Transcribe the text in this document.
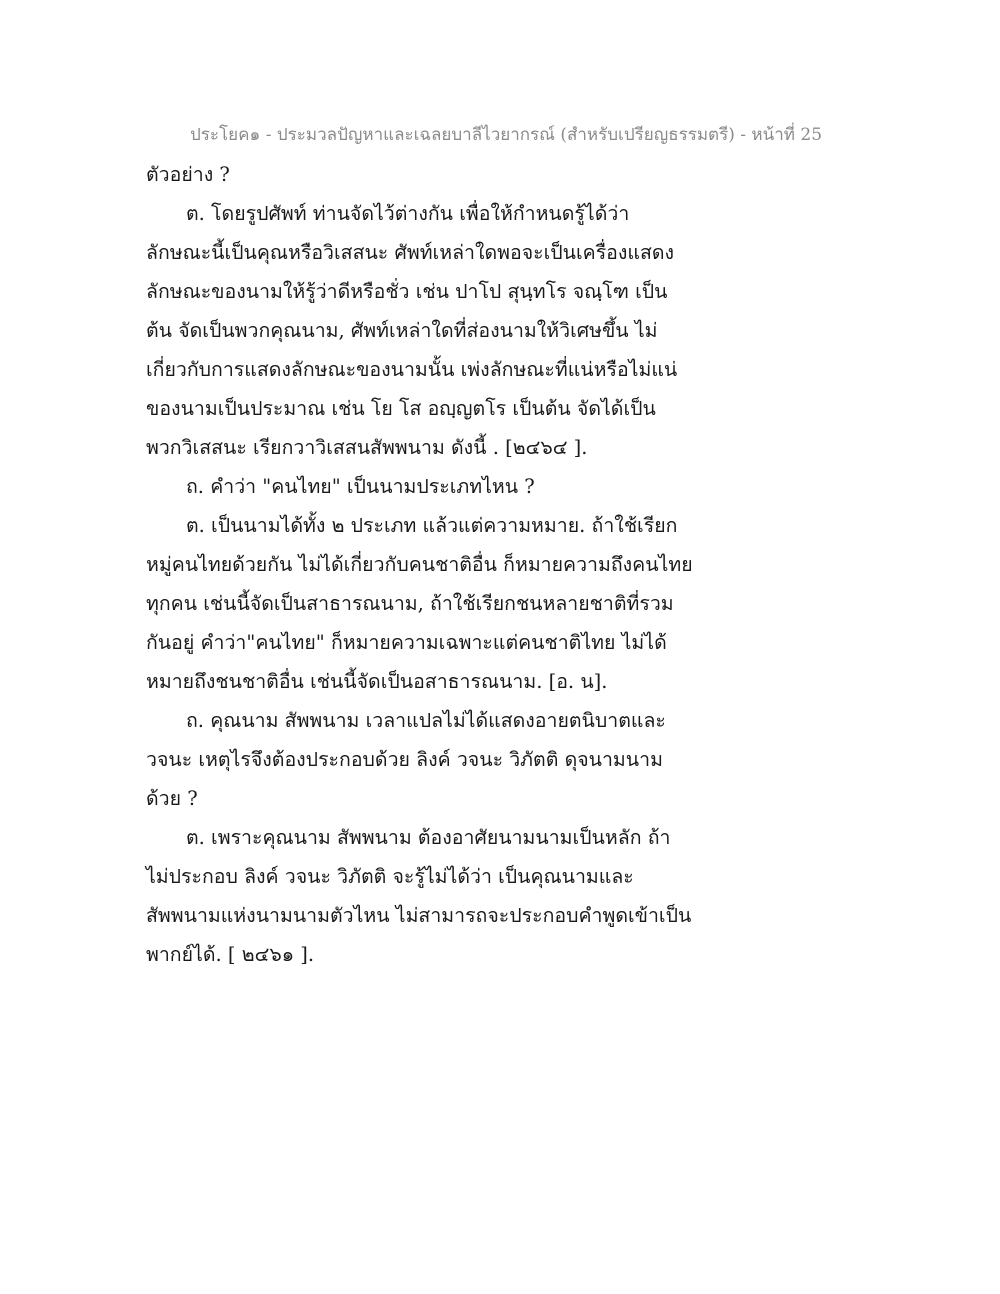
ประโยค๑ - ประมวลปัญหาและเฉลยบาลีไวยากรณ์ (สำหรับเปรียญธรรมตรี) - หน้าที่ 25
ตัวอย่าง ?
ต. โดยรูปศัพท์ ท่านจัดไว้ต่างกัน เพื่อให้กำหนดรู้ได้ว่า
ลักษณะนี้เป็นคุณหรือวิเสสนะ ศัพท์เหล่าใดพอจะเป็นเครื่องแสดง
ลักษณะของนามให้รู้ว่าดีหรือชั่ว เช่น ปาโป สุนฺทโร จณฺโฑ เป็น
ต้น จัดเป็นพวกคุณนาม, ศัพท์เหล่าใดที่ส่องนามให้วิเศษขึ้น ไม่
เกี่ยวกับการแสดงลักษณะของนามนั้น เพ่งลักษณะที่แน่หรือไม่แน่
ของนามเป็นประมาณ เช่น โย โส อญฺญตโร เป็นต้น จัดได้เป็น
พวกวิเสสนะ เรียกวาวิเสสนสัพพนาม ดังนี้ . [๒๔๖๔ ].
ถ. คำว่า "คนไทย" เป็นนามประเภทไหน ?
ต. เป็นนามได้ทั้ง ๒ ประเภท แล้วแต่ความหมาย. ถ้าใช้เรียก
หมู่คนไทยด้วยกัน ไม่ได้เกี่ยวกับคนชาติอื่น ก็หมายความถึงคนไทย
ทุกคน เช่นนี้จัดเป็นสาธารณนาม, ถ้าใช้เรียกชนหลายชาติที่รวม
กันอยู่ คำว่า"คนไทย" ก็หมายความเฉพาะแต่คนชาติไทย ไม่ได้
หมายถึงชนชาติอื่น เช่นนี้จัดเป็นอสาธารณนาม. [อ. น].
ถ. คุณนาม สัพพนาม เวลาแปลไม่ได้แสดงอายตนิบาตและ
วจนะ เหตุไรจึงต้องประกอบด้วย ลิงค์ วจนะ วิภัตติ ดุจนามนาม
ด้วย ?
ต. เพราะคุณนาม สัพพนาม ต้องอาศัยนามนามเป็นหลัก ถ้า
ไม่ประกอบ ลิงค์ วจนะ วิภัตติ จะรู้ไม่ได้ว่า เป็นคุณนามและ
สัพพนามแห่งนามนามตัวไหน ไม่สามารถจะประกอบคำพูดเข้าเป็น
พากย์ได้. [ ๒๔๖๑ ].
